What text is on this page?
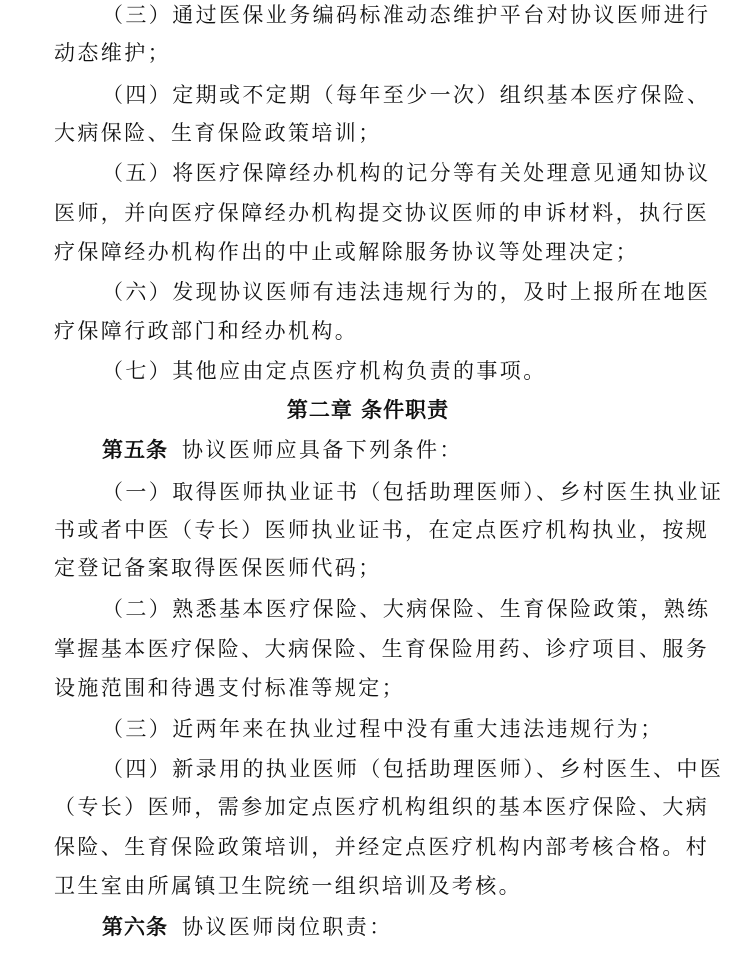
（三）通过医保业务编码标准动态维护平台对协议医师进行
动态维护；
（四）定期或不定期（每年至少一次）组织基本医疗保险、
大病保险、生育保险政策培训；
（五）将医疗保障经办机构的记分等有关处理意见通知协议
医师，并向医疗保障经办机构提交协议医师的申诉材料，执行医
疗保障经办机构作出的中止或解除服务协议等处理决定；
（六）发现协议医师有违法违规行为的，及时上报所在地医
疗保障行政部门和经办机构。
（七）其他应由定点医疗机构负责的事项。
第二章 条件职责
第五条 协议医师应具备下列条件：
（一）取得医师执业证书（包括助理医师）、乡村医生执业证
书或者中医（专长）医师执业证书，在定点医疗机构执业，按规
定登记备案取得医保医师代码；
（二）熟悉基本医疗保险、大病保险、生育保险政策，熟练
掌握基本医疗保险、大病保险、生育保险用药、诊疗项目、服务
设施范围和待遇支付标准等规定；
（三）近两年来在执业过程中没有重大违法违规行为；
（四）新录用的执业医师（包括助理医师）、乡村医生、中医
（专长）医师，需参加定点医疗机构组织的基本医疗保险、大病
保险、生育保险政策培训，并经定点医疗机构内部考核合格。村
卫生室由所属镇卫生院统一组织培训及考核。
第六条 协议医师岗位职责：
